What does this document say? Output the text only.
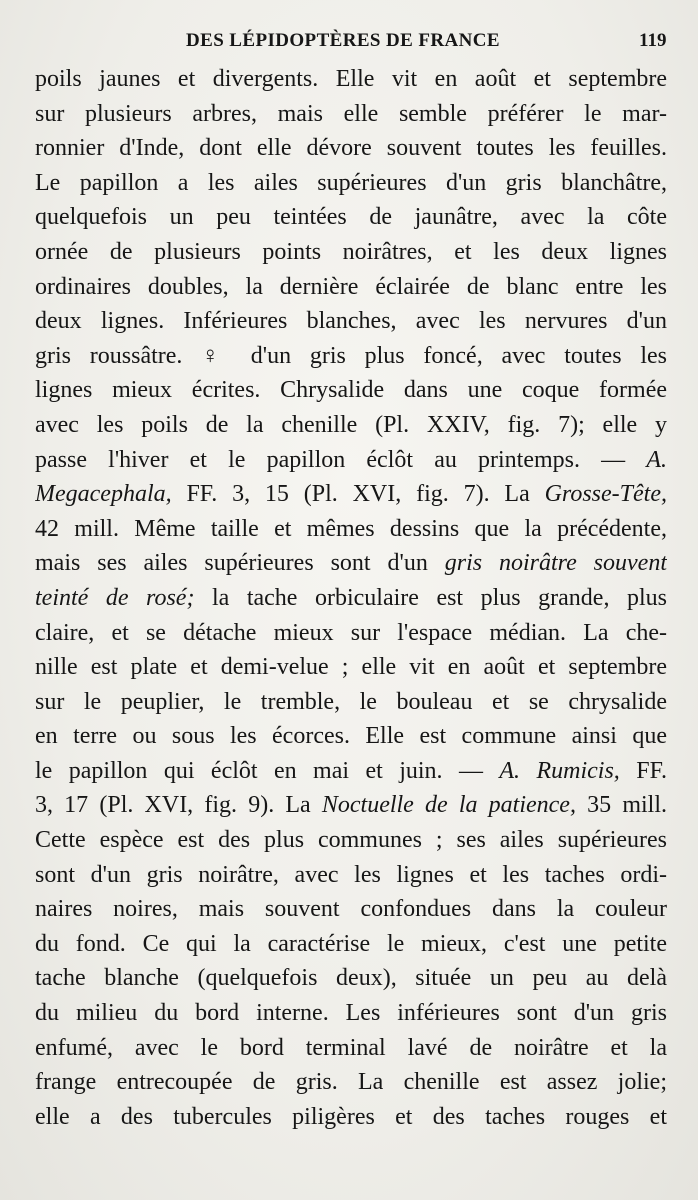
DES LÉPIDOPTÈRES DE FRANCE	119
poils jaunes et divergents. Elle vit en août et septembre
sur plusieurs arbres, mais elle semble préférer le mar-
ronnier d'Inde, dont elle dévore souvent toutes les feuilles.
Le papillon a les ailes supérieures d'un gris blanchâtre,
quelquefois un peu teintées de jaunâtre, avec la côte
ornée de plusieurs points noirâtres, et les deux lignes
ordinaires doubles, la dernière éclairée de blanc entre les
deux lignes. Inférieures blanches, avec les nervures d'un
gris roussâtre. ♀ d'un gris plus foncé, avec toutes les
lignes mieux écrites. Chrysalide dans une coque formée
avec les poils de la chenille (Pl. XXIV, fig. 7); elle y
passe l'hiver et le papillon éclôt au printemps. — A.
Megacephala, FF. 3, 15 (Pl. XVI, fig. 7). La Grosse-Tête,
42 mill. Même taille et mêmes dessins que la précédente,
mais ses ailes supérieures sont d'un gris noirâtre souvent
teinté de rosé; la tache orbiculaire est plus grande, plus
claire, et se détache mieux sur l'espace médian. La che-
nille est plate et demi-velue ; elle vit en août et septembre
sur le peuplier, le tremble, le bouleau et se chrysalide
en terre ou sous les écorces. Elle est commune ainsi que
le papillon qui éclôt en mai et juin. — A. Rumicis, FF.
3, 17 (Pl. XVI, fig. 9). La Noctuelle de la patience, 35 mill.
Cette espèce est des plus communes ; ses ailes supérieures
sont d'un gris noirâtre, avec les lignes et les taches ordi-
naires noires, mais souvent confondues dans la couleur
du fond. Ce qui la caractérise le mieux, c'est une petite
tache blanche (quelquefois deux), située un peu au delà
du milieu du bord interne. Les inférieures sont d'un gris
enfumé, avec le bord terminal lavé de noirâtre et la
frange entrecoupée de gris. La chenille est assez jolie;
elle a des tubercules piligères et des taches rouges et
